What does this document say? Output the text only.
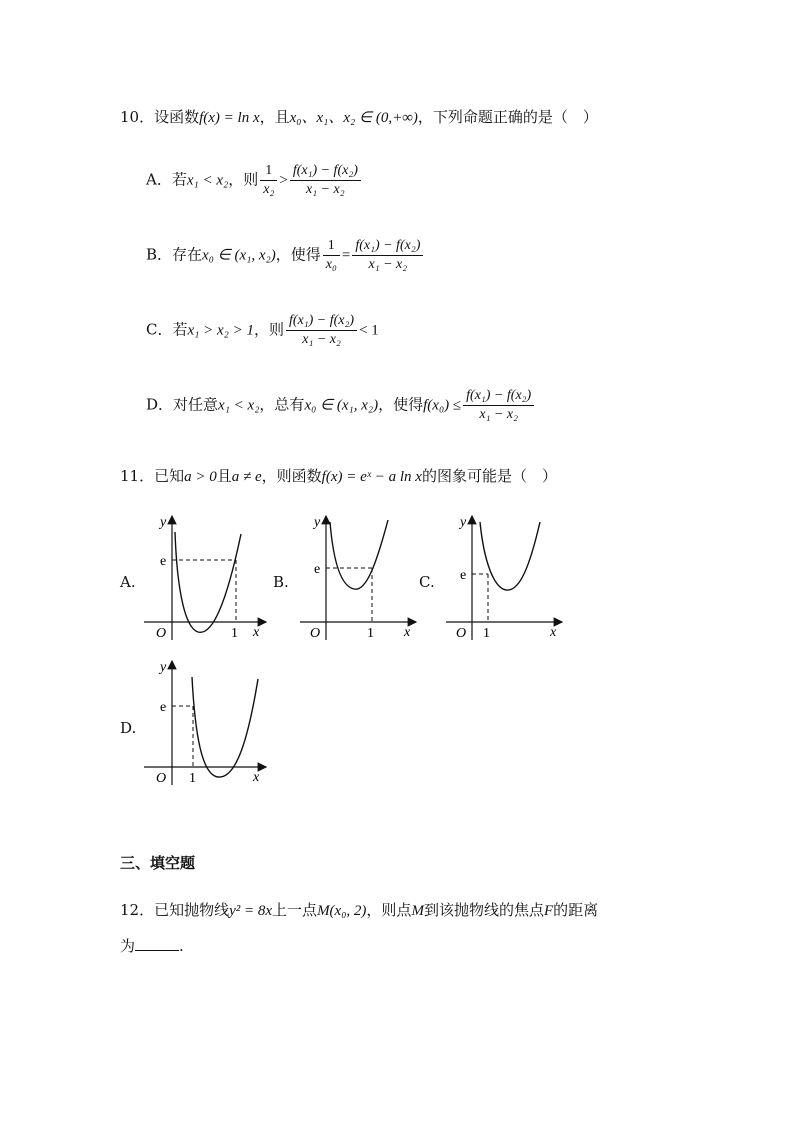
10．设函数f(x) = ln x，且x₀、x₁、x₂ ∈ (0,+∞)，下列命题正确的是（　）
A．若x₁ < x₂，则 $\frac{1}{\text{x₂}} > \frac{\text{f(x₁) − f(x₂)}}{\text{x₁ − x₂}}$
B．存在x₀ ∈ (x₁, x₂)，使得 $\frac{1}{\text{x₀}} = \frac{\text{f(x₁) − f(x₂)}}{\text{x₁ − x₂}}$
C．若x₁ > x₂ > 1，则 $\frac{\text{f(x₁) − f(x₂)}}{\text{x₁ − x₂}} < 1$
D．对任意x₁ < x₂，总有x₀ ∈ (x₁, x₂)，使得$f(x_0) \le \frac{\text{f(x₁) − f(x₂)}}{\text{x₁ − x₂}}$
11．已知a > 0且a ≠ e，则函数f(x) = eˣ − a ln x的图象可能是（　）
A.	B.	C.
D.
y
x
O
e
1
y
x
O
e
1
y
x
O
e
1
y
x
O
e
1
三、填空题
12．已知抛物线y² = 8x上一点M(x₀, 2)，则点M到该抛物线的焦点F的距离
为	.
